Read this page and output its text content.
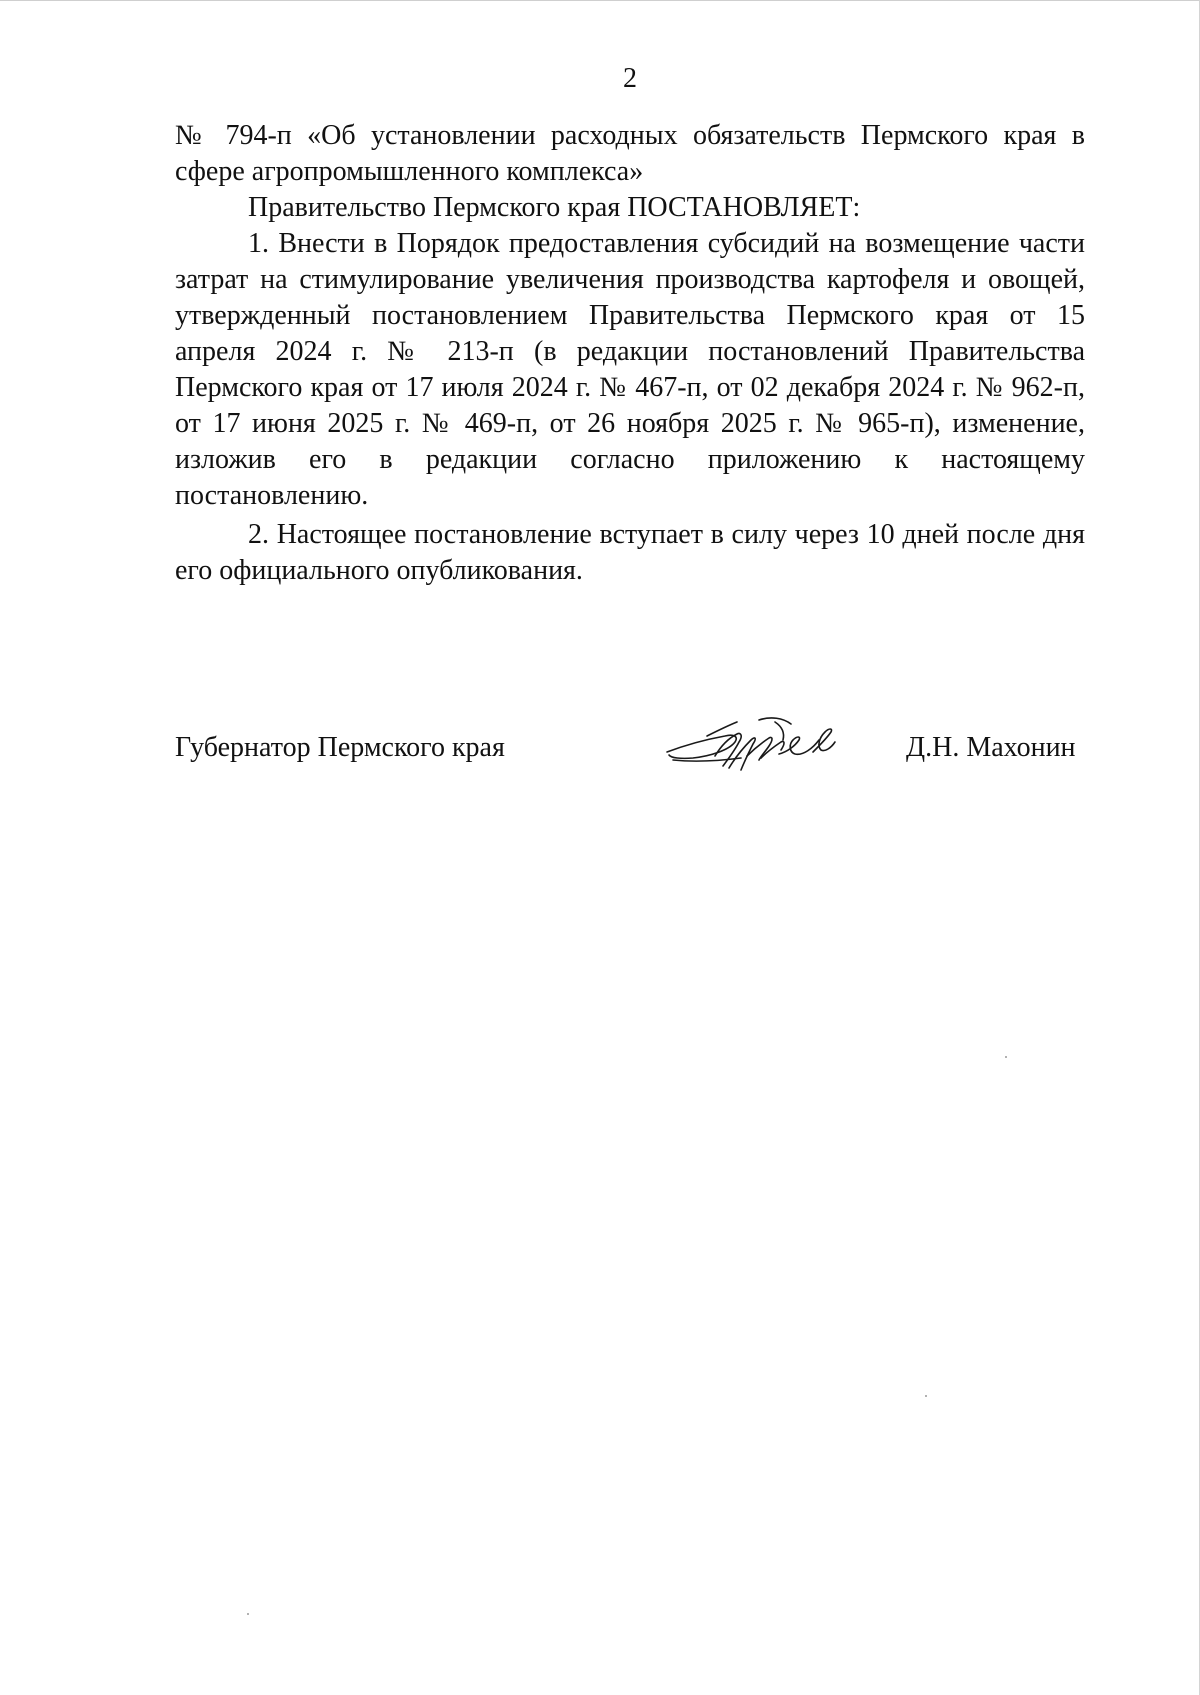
2

№ 794-п «Об установлении расходных обязательств Пермского края в сфере агропромышленного комплекса»

Правительство Пермского края ПОСТАНОВЛЯЕТ:

1. Внести в Порядок предоставления субсидий на возмещение части затрат на стимулирование увеличения производства картофеля и овощей, утвержденный постановлением Правительства Пермского края от 15 апреля 2024 г. № 213-п (в редакции постановлений Правительства Пермского края от 17 июля 2024 г. № 467-п, от 02 декабря 2024 г. № 962-п, от 17 июня 2025 г. № 469-п, от 26 ноября 2025 г. № 965-п), изменение, изложив его в редакции согласно приложению к настоящему постановлению.

2. Настоящее постановление вступает в силу через 10 дней после дня его официального опубликования.

Губернатор Пермского края	Д.Н. Махонин
